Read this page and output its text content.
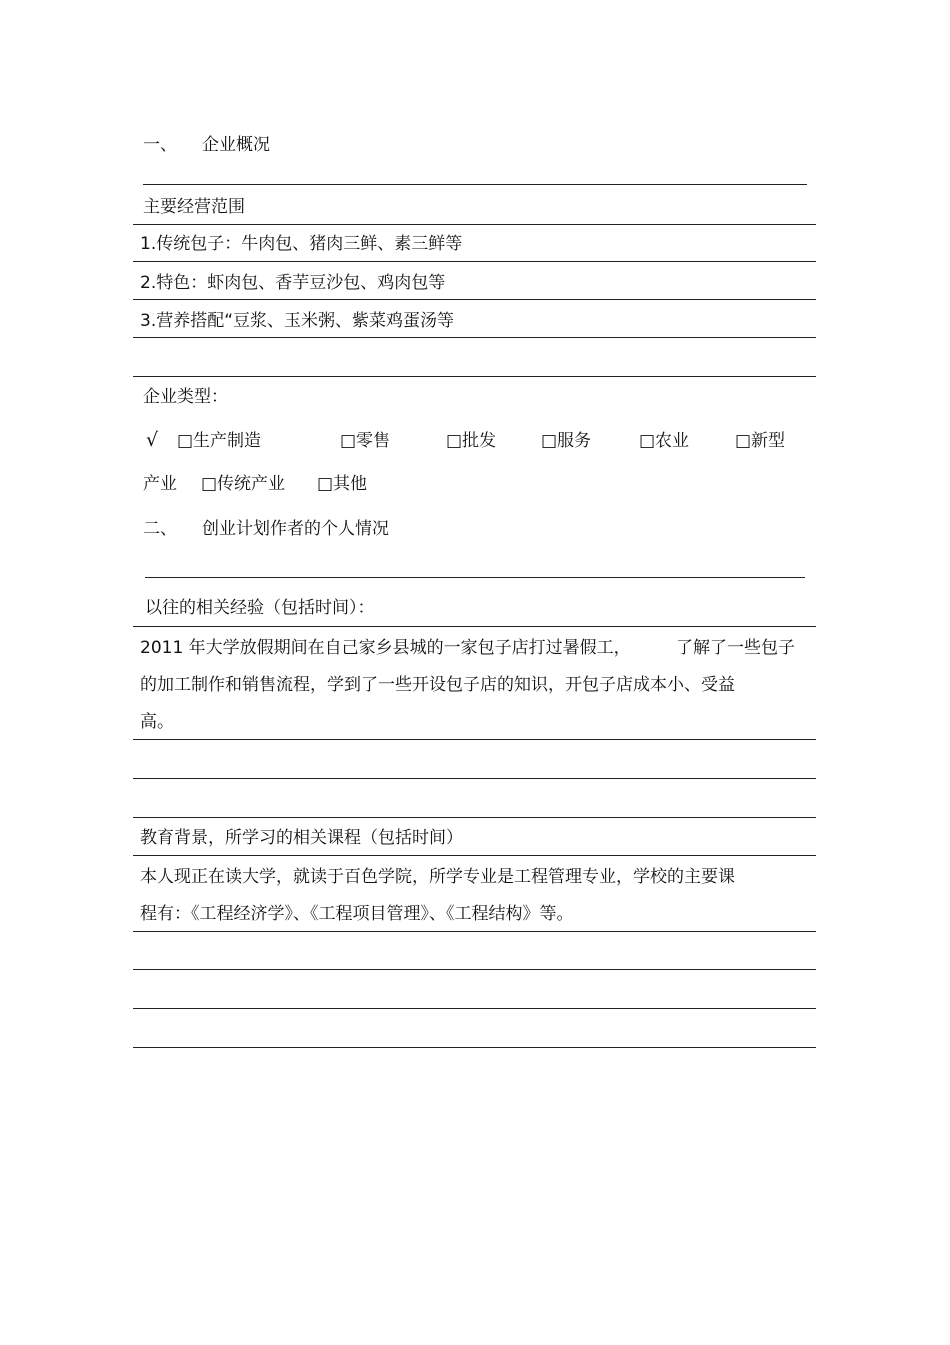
一、 企业概况
主要经营范围
1.传统包子：牛肉包、猪肉三鲜、素三鲜等
2.特色：虾肉包、香芋豆沙包、鸡肉包等
3.营养搭配“豆浆、玉米粥、紫菜鸡蛋汤等
企业类型：
√ □生产制造	□零售	□批发	□服务	□农业	□新型
产业 □传统产业 □其他
二、 创业计划作者的个人情况
以往的相关经验（包括时间）：
2011 年大学放假期间在自己家乡县城的一家包子店打过暑假工，	了解了一些包子
的加工制作和销售流程，学到了一些开设包子店的知识，开包子店成本小、受益
高。
教育背景，所学习的相关课程（包括时间）
本人现正在读大学，就读于百色学院，所学专业是工程管理专业，学校的主要课
程有：《工程经济学》、《工程项目管理》、《工程结构》等。
